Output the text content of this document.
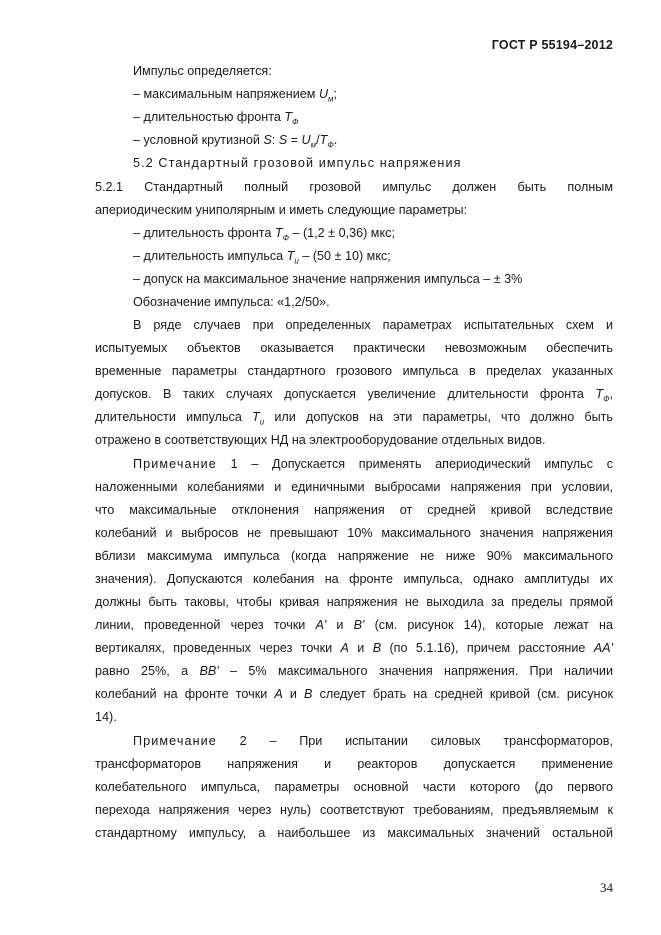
ГОСТ Р 55194–2012
Импульс определяется:
– максимальным напряжением $U_м$;
– длительностью фронта $T_Ф$
– условной крутизной S: $S = U_м/T_Ф$.
5.2 Стандартный грозовой импульс напряжения
5.2.1 Стандартный полный грозовой импульс должен быть полным
апериодическим униполярным и иметь следующие параметры:
– длительность фронта $T_Ф - (1,2 \pm 0,36)$ мкс;
– длительность импульса $T_и - (50 \pm 10)$ мкс;
– допуск на максимальное значение напряжения импульса – ± 3%
Обозначение импульса: «1,2/50».
В ряде случаев при определенных параметрах испытательных схем и
испытуемых объектов оказывается практически невозможным обеспечить
временные параметры стандартного грозового импульса в пределах указанных
допусков. В таких случаях допускается увеличение длительности фронта $T_Ф$,
длительности импульса $T_и$ или допусков на эти параметры, что должно быть
отражено в соответствующих НД на электрооборудование отдельных видов.
Примечание 1 – Допускается применять апериодический импульс с
наложенными колебаниями и единичными выбросами напряжения при условии,
что максимальные отклонения напряжения от средней кривой вследствие
колебаний и выбросов не превышают 10% максимального значения напряжения
вблизи максимума импульса (когда напряжение не ниже 90% максимального
значения). Допускаются колебания на фронте импульса, однако амплитуды их
должны быть таковы, чтобы кривая напряжения не выходила за пределы прямой
линии, проведенной через точки A' и B' (см. рисунок 14), которые лежат на
вертикалях, проведенных через точки A и B (по 5.1.16), причем расстояние AA'
равно 25%, а BB' – 5% максимального значения напряжения. При наличии
колебаний на фронте точки A и B следует брать на средней кривой (см. рисунок
14).
Примечание 2 – При испытании силовых трансформаторов,
трансформаторов напряжения и реакторов допускается применение
колебательного импульса, параметры основной части которого (до первого
перехода напряжения через нуль) соответствуют требованиям, предъявляемым к
стандартному импульсу, а наибольшее из максимальных значений остальной
34
